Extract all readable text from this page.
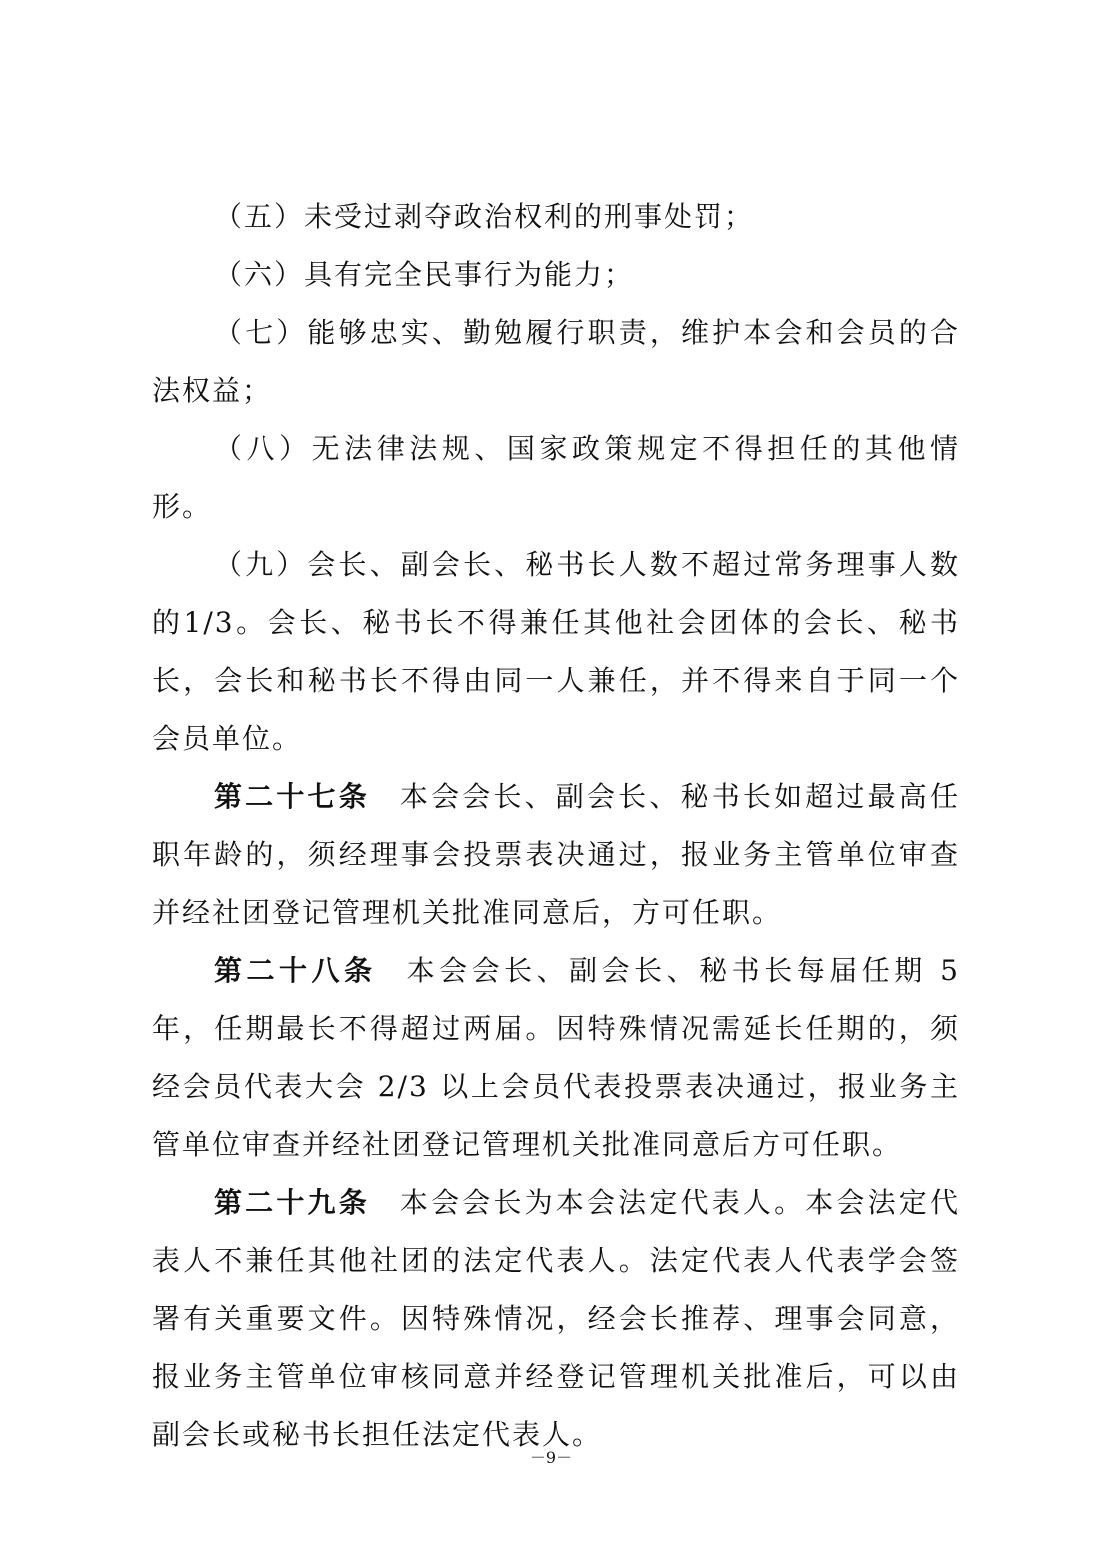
（五）未受过剥夺政治权利的刑事处罚；

（六）具有完全民事行为能力；

（七）能够忠实、勤勉履行职责，维护本会和会员的合法权益；

（八）无法律法规、国家政策规定不得担任的其他情形。

（九）会长、副会长、秘书长人数不超过常务理事人数的1/3。会长、秘书长不得兼任其他社会团体的会长、秘书长，会长和秘书长不得由同一人兼任，并不得来自于同一个会员单位。

第二十七条 本会会长、副会长、秘书长如超过最高任职年龄的，须经理事会投票表决通过，报业务主管单位审查并经社团登记管理机关批准同意后，方可任职。

第二十八条 本会会长、副会长、秘书长每届任期 5 年，任期最长不得超过两届。因特殊情况需延长任期的，须经会员代表大会 2/3 以上会员代表投票表决通过，报业务主管单位审查并经社团登记管理机关批准同意后方可任职。

第二十九条 本会会长为本会法定代表人。本会法定代表人不兼任其他社团的法定代表人。法定代表人代表学会签署有关重要文件。因特殊情况，经会长推荐、理事会同意，报业务主管单位审核同意并经登记管理机关批准后，可以由副会长或秘书长担任法定代表人。

－9－
